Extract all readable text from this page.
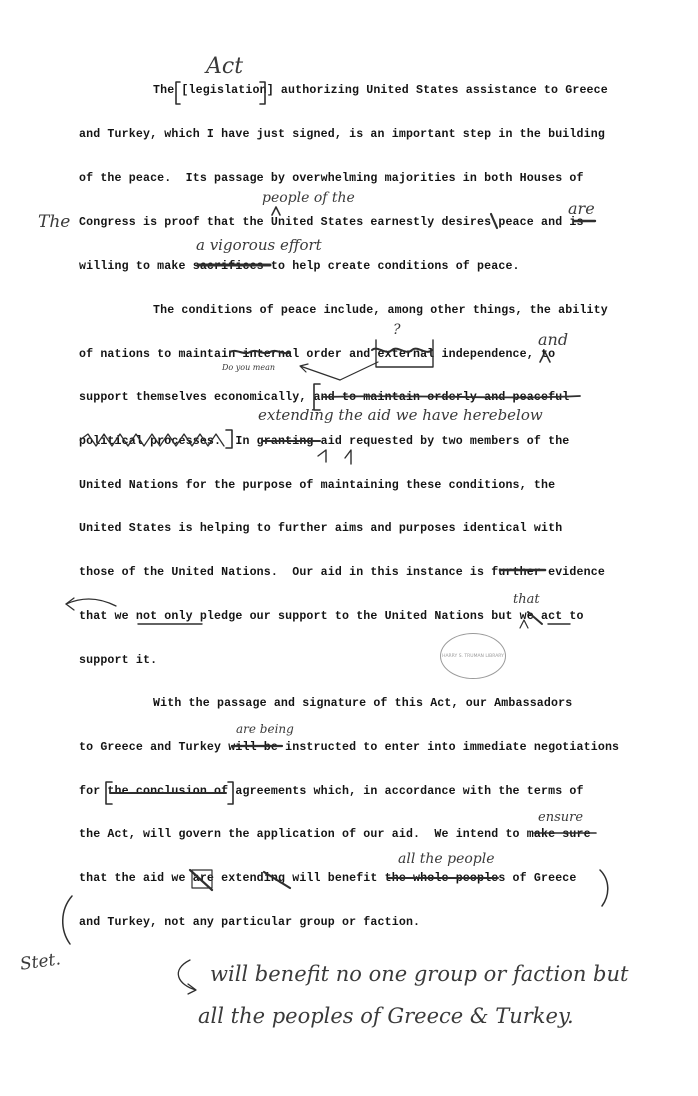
The [legislation] authorizing United States assistance to Greece
and Turkey, which I have just signed, is an important step in the building
of the peace.  Its passage by overwhelming majorities in both Houses of
Congress is proof that the United States earnestly desires peace and is
willing to make sacrifices to help create conditions of peace.
The conditions of peace include, among other things, the ability
of nations to maintain internal order and external independence, to
support themselves economically, and to maintain orderly and peaceful
political processes.  In granting aid requested by two members of the
United Nations for the purpose of maintaining these conditions, the
United States is helping to further aims and purposes identical with
those of the United Nations.  Our aid in this instance is further evidence
that we not only pledge our support to the United Nations but we act to
support it.
With the passage and signature of this Act, our Ambassadors
to Greece and Turkey will be instructed to enter into immediate negotiations
for the conclusion of agreements which, in accordance with the terms of
the Act, will govern the application of our aid.  We intend to make sure
that the aid we are extending will benefit the whole peoples of Greece
and Turkey, not any particular group or faction.
Act
The
people of the
are
a vigorous effort
?	and
Do you mean
extending the aid we have herebelow
that
are being
ensure
all the people
Stet.	will benefit no one group or faction but
all the peoples of Greece & Turkey.
HARRY S. TRUMAN LIBRARY
